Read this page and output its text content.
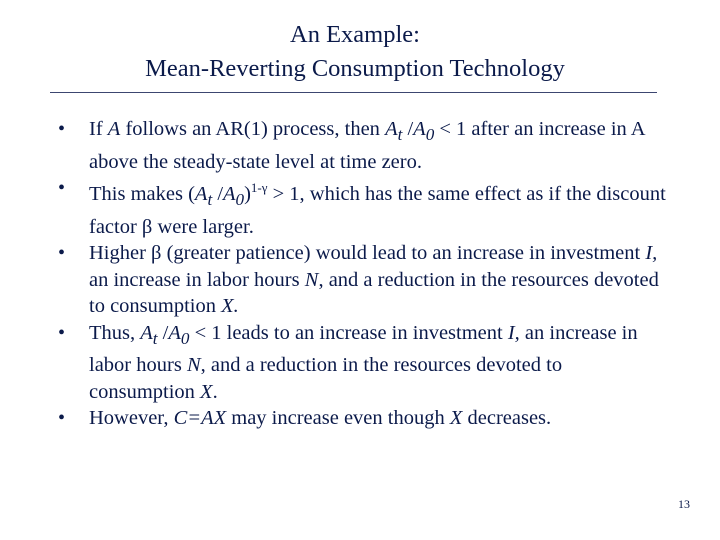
An Example:
Mean-Reverting Consumption Technology
• If A follows an AR(1) process, then $A_t$ $/A_0 < 1$ after an increase in A above the steady-state level at time zero.
• This makes ($A_t$ $/A_0)^{1-\gamma} > 1$, which has the same effect as if the discount factor β were larger.
• Higher β (greater patience) would lead to an increase in investment I, an increase in labor hours N, and a reduction in the resources devoted to consumption X.
• Thus, $A_t$ $/A_0 < 1$ leads to an increase in investment I, an increase in labor hours N, and a reduction in the resources devoted to consumption X.
• However, C=AX may increase even though X decreases.
13
